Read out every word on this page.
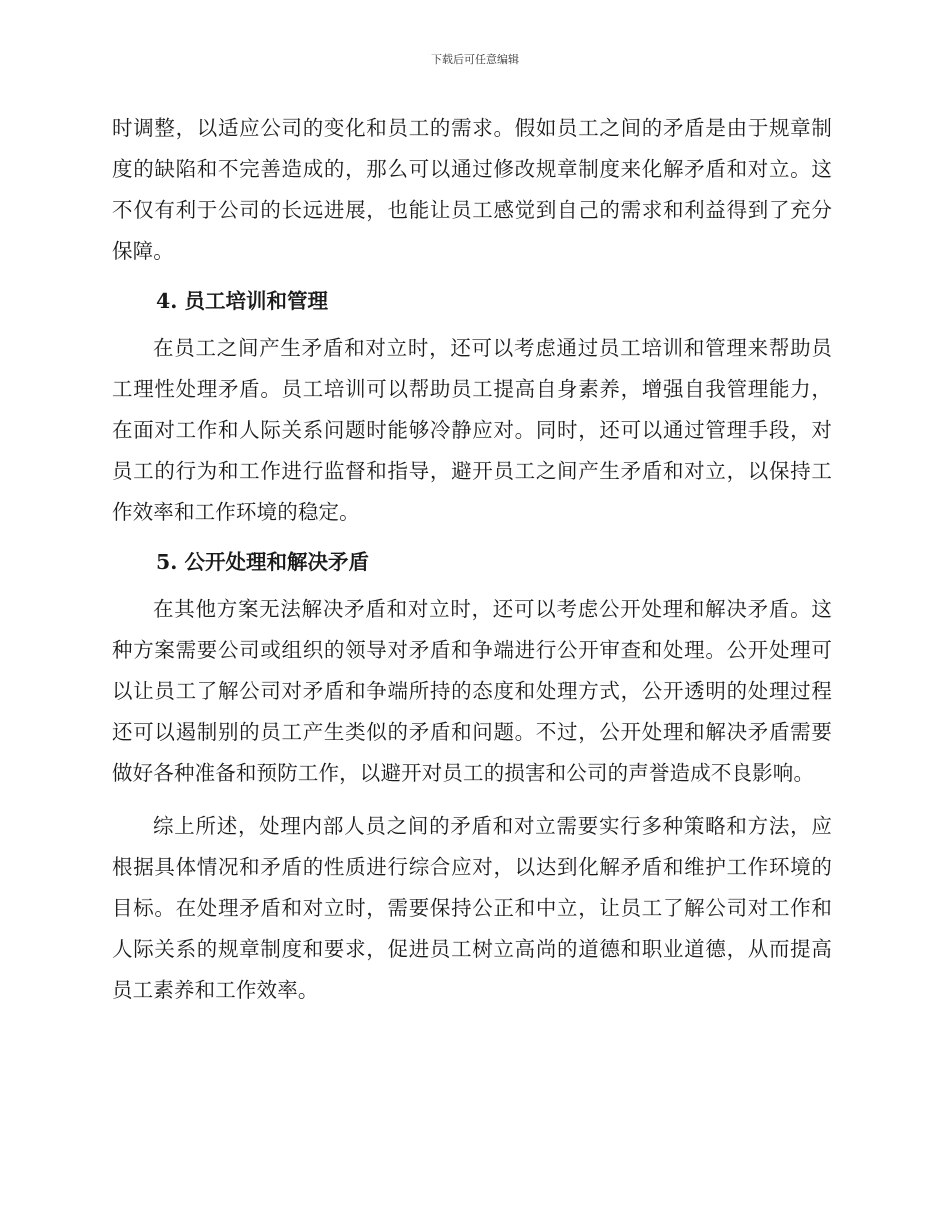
下载后可任意编辑

时调整，以适应公司的变化和员工的需求。假如员工之间的矛盾是由于规章制度的缺陷和不完善造成的，那么可以通过修改规章制度来化解矛盾和对立。这不仅有利于公司的长远进展，也能让员工感觉到自己的需求和利益得到了充分保障。

4. 员工培训和管理

在员工之间产生矛盾和对立时，还可以考虑通过员工培训和管理来帮助员工理性处理矛盾。员工培训可以帮助员工提高自身素养，增强自我管理能力，在面对工作和人际关系问题时能够冷静应对。同时，还可以通过管理手段，对员工的行为和工作进行监督和指导，避开员工之间产生矛盾和对立，以保持工作效率和工作环境的稳定。

5. 公开处理和解决矛盾

在其他方案无法解决矛盾和对立时，还可以考虑公开处理和解决矛盾。这种方案需要公司或组织的领导对矛盾和争端进行公开审查和处理。公开处理可以让员工了解公司对矛盾和争端所持的态度和处理方式，公开透明的处理过程还可以遏制别的员工产生类似的矛盾和问题。不过，公开处理和解决矛盾需要做好各种准备和预防工作，以避开对员工的损害和公司的声誉造成不良影响。

综上所述，处理内部人员之间的矛盾和对立需要实行多种策略和方法，应根据具体情况和矛盾的性质进行综合应对，以达到化解矛盾和维护工作环境的目标。在处理矛盾和对立时，需要保持公正和中立，让员工了解公司对工作和人际关系的规章制度和要求，促进员工树立高尚的道德和职业道德，从而提高员工素养和工作效率。
